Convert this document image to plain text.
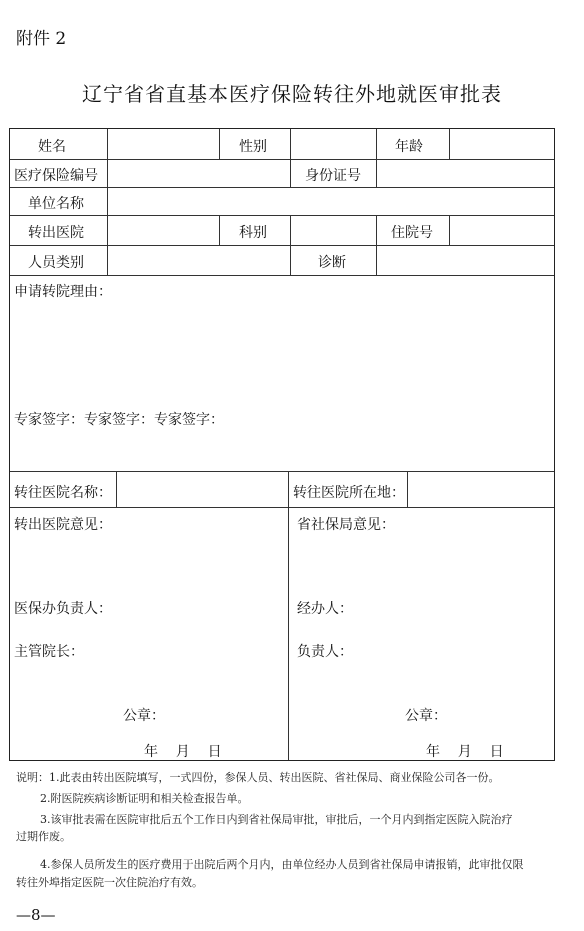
附件 2
辽宁省省直基本医疗保险转往外地就医审批表
姓名	性别	年龄
医疗保险编号	身份证号
单位名称
转出医院	科别	住院号
人员类别	诊断
申请转院理由：
专家签字：专家签字：专家签字：
转往医院名称：	转往医院所在地：
转出医院意见：	省社保局意见：
医保办负责人：	经办人：
主管院长：	负责人：
公章：	公章：
年    月    日	年    月    日
说明：1.此表由转出医院填写，一式四份，参保人员、转出医院、省社保局、商业保险公司各一份。
2.附医院疾病诊断证明和相关检查报告单。
3.该审批表需在医院审批后五个工作日内到省社保局审批，审批后，一个月内到指定医院入院治疗
过期作废。
4.参保人员所发生的医疗费用于出院后两个月内，由单位经办人员到省社保局申请报销，此审批仅限
转往外埠指定医院一次住院治疗有效。
—8—
